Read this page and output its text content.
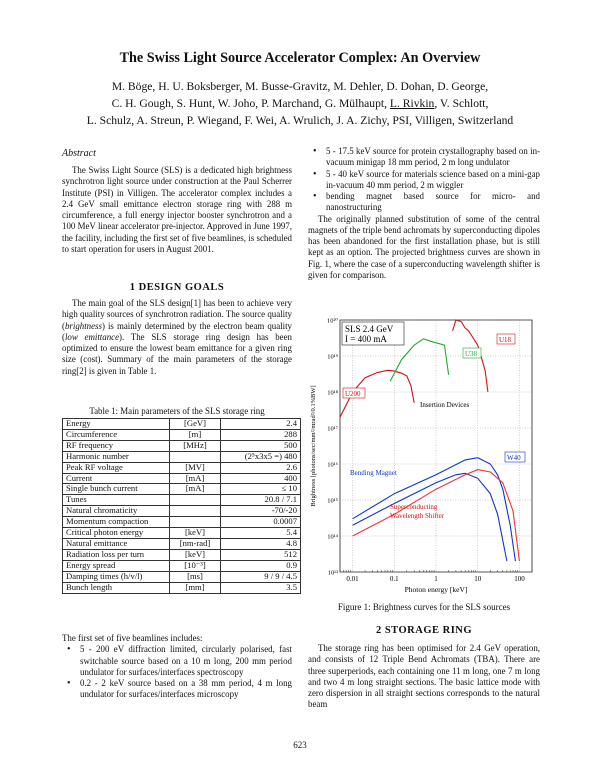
The Swiss Light Source Accelerator Complex: An Overview
M. Böge, H. U. Boksberger, M. Busse-Gravitz, M. Dehler, D. Dohan, D. George,
C. H. Gough, S. Hunt, W. Joho, P. Marchand, G. Mülhaupt, L. Rivkin, V. Schlott,
L. Schulz, A. Streun, P. Wiegand, F. Wei, A. Wrulich, J. A. Zichy, PSI, Villigen, Switzerland
Abstract

The Swiss Light Source (SLS) is a dedicated high brightness synchrotron light source under construction at the Paul Scherrer Institute (PSI) in Villigen. The accelerator complex includes a 2.4 GeV small emittance electron storage ring with 288 m circumference, a full energy injector booster synchrotron and a 100 MeV linear accelerator pre-injector. Approved in June 1997, the facility, including the first set of five beamlines, is scheduled to start operation for users in August 2001.

1 DESIGN GOALS

The main goal of the SLS design[1] has been to achieve very high quality sources of synchrotron radiation. The source quality (brightness) is mainly determined by the electron beam quality (low emittance). The SLS storage ring design has been optimized to ensure the lowest beam emittance for a given ring size (cost). Summary of the main parameters of the storage ring[2] is given in Table 1.

Table 1: Main parameters of the SLS storage ring
Energy	[GeV]	2.4
Circumference	[m]	288
RF frequency	[MHz]	500
Harmonic number		(2⁵x3x5 =) 480
Peak RF voltage	[MV]	2.6
Current	[mA]	400
Single bunch current	[mA]	≤ 10
Tunes		20.8 / 7.1
Natural chromaticity		-70/-20
Momentum compaction		0.0007
Critical photon energy	[keV]	5.4
Natural emittance	[nm-rad]	4.8
Radiation loss per turn	[keV]	512
Energy spread	[10⁻³]	0.9
Damping times (h/v/l)	[ms]	9 / 9 / 4.5
Bunch length	[mm]	3.5

The first set of five beamlines includes:

• 5 - 200 eV diffraction limited, circularly polarised, fast switchable source based on a 10 m long, 200 mm period undulator for surfaces/interfaces spectroscopy
• 0.2 - 2 keV source based on a 38 mm period, 4 m long undulator for surfaces/interfaces microscopy
• 5 - 17.5 keV source for protein crystallography based on in-vacuum minigap 18 mm period, 2 m long undulator
• 5 - 40 keV source for materials science based on a mini-gap in-vacuum 40 mm period, 2 m wiggler
• bending magnet based source for micro- and nanostructuring

The originally planned substitution of some of the central magnets of the triple bend achromats by superconducting dipoles has been abandoned for the first installation phase, but is still kept as an option. The projected brightness curves are shown in Fig. 1, where the case of a superconducting wavelength shifter is given for comparison.

0.01	0.1	1	10	100
10¹³
10¹⁴
10¹⁵
10¹⁶
10¹⁷
10¹⁸
10¹⁹
10²⁰
SLS 2.4 GeV
I = 400 mA	U18
U38
U200
W40
Insertion Devices
Bending Magnet
Superconducting
Wavelength Shifter
Photon energy [keV]
Brightness [photons/sec/mm²/mrad²/0.1%BW]
Figure 1: Brightness curves for the SLS sources
2 STORAGE RING

The storage ring has been optimised for 2.4 GeV operation, and consists of 12 Triple Bend Achromats (TBA). There are three superperiods, each containing one 11 m long, one 7 m long and two 4 m long straight sections. The basic lattice mode with zero dispersion in all straight sections corresponds to the natural beam

623
